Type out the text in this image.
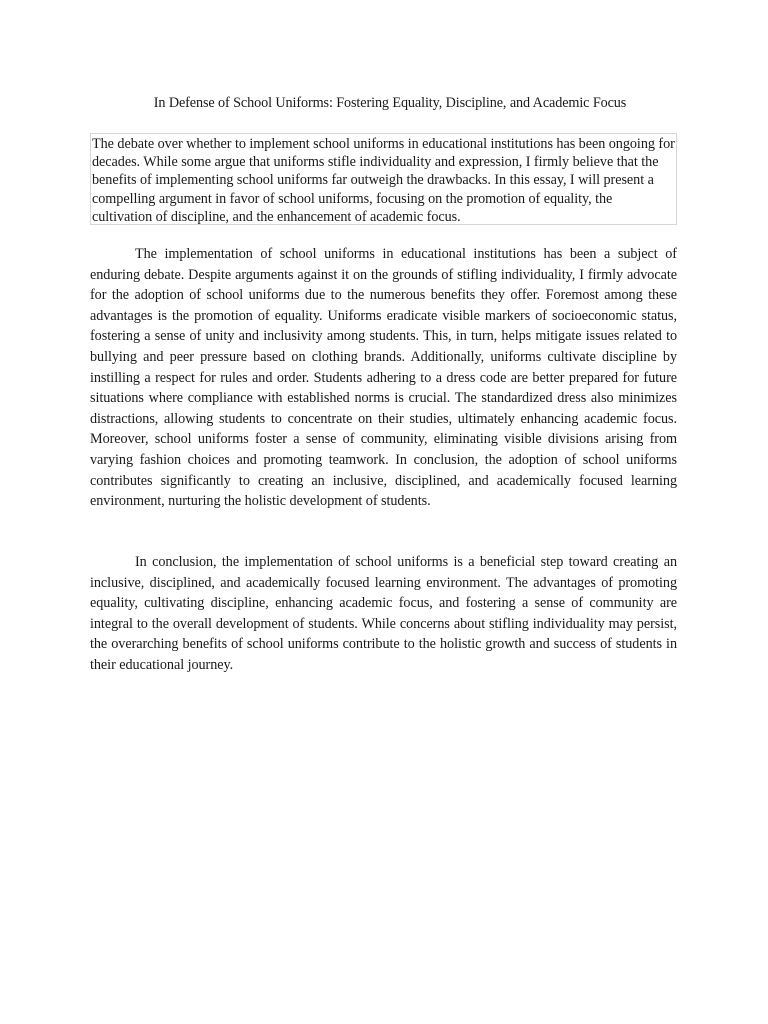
In Defense of School Uniforms: Fostering Equality, Discipline, and Academic Focus
The debate over whether to implement school uniforms in educational institutions has been ongoing for decades. While some argue that uniforms stifle individuality and expression, I firmly believe that the benefits of implementing school uniforms far outweigh the drawbacks. In this essay, I will present a compelling argument in favor of school uniforms, focusing on the promotion of equality, the cultivation of discipline, and the enhancement of academic focus.

The implementation of school uniforms in educational institutions has been a subject of enduring debate. Despite arguments against it on the grounds of stifling individuality, I firmly advocate for the adoption of school uniforms due to the numerous benefits they offer. Foremost among these advantages is the promotion of equality. Uniforms eradicate visible markers of socioeconomic status, fostering a sense of unity and inclusivity among students. This, in turn, helps mitigate issues related to bullying and peer pressure based on clothing brands. Additionally, uniforms cultivate discipline by instilling a respect for rules and order. Students adhering to a dress code are better prepared for future situations where compliance with established norms is crucial. The standardized dress also minimizes distractions, allowing students to concentrate on their studies, ultimately enhancing academic focus. Moreover, school uniforms foster a sense of community, eliminating visible divisions arising from varying fashion choices and promoting teamwork. In conclusion, the adoption of school uniforms contributes significantly to creating an inclusive, disciplined, and academically focused learning environment, nurturing the holistic development of students.

In conclusion, the implementation of school uniforms is a beneficial step toward creating an inclusive, disciplined, and academically focused learning environment. The advantages of promoting equality, cultivating discipline, enhancing academic focus, and fostering a sense of community are integral to the overall development of students. While concerns about stifling individuality may persist, the overarching benefits of school uniforms contribute to the holistic growth and success of students in their educational journey.
